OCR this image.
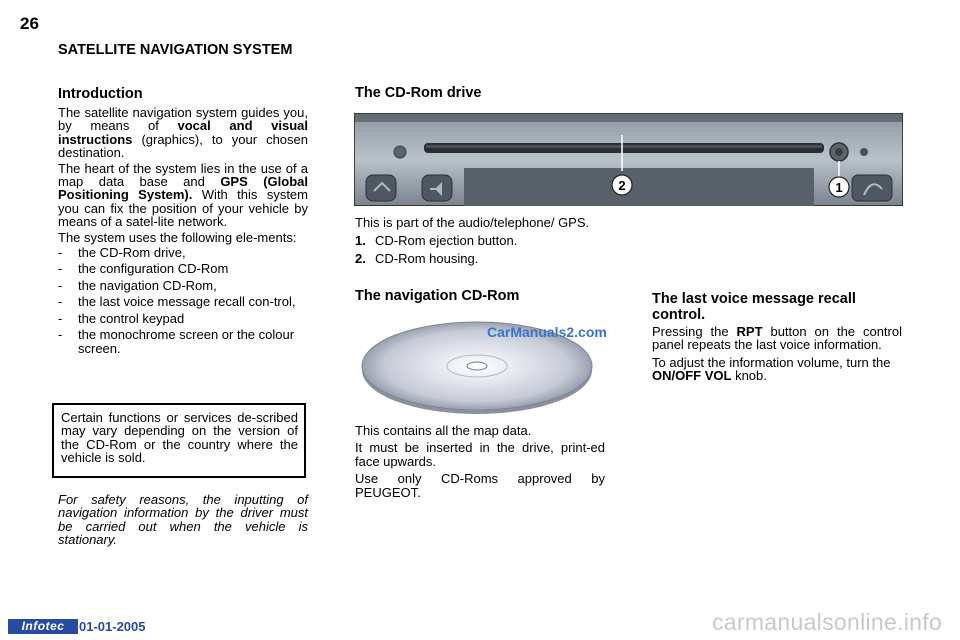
26
SATELLITE NAVIGATION SYSTEM
Introduction

The satellite navigation system guides you, by means of vocal and visual instructions (graphics), to your chosen destination.

The heart of the system lies in the use of a map data base and GPS (Global Positioning System). With this system you can fix the position of your vehicle by means of a satel-lite network.

The system uses the following ele-ments:

- the CD-Rom drive,
- the configuration CD-Rom
- the navigation CD-Rom,
- the last voice message recall con-trol,
- the control keypad
- the monochrome screen or the colour screen.
Certain functions or services de-scribed may vary depending on the version of the CD-Rom or the country where the vehicle is sold.
For safety reasons, the inputting of navigation information by the driver must be carried out when the vehicle is stationary.
The CD-Rom drive
2	1

This is part of the audio/telephone/ GPS.

1. CD-Rom ejection button.
2. CD-Rom housing.
The navigation CD-Rom
CarManuals2.com

This contains all the map data.

It must be inserted in the drive, print-ed face upwards.

Use only CD-Roms approved by PEUGEOT.

The last voice message recall control.

Pressing the RPT button on the control panel repeats the last voice information.

To adjust the information volume, turn the ON/OFF VOL knob.

Infotec	01-01-2005	carmanualsonline.info
